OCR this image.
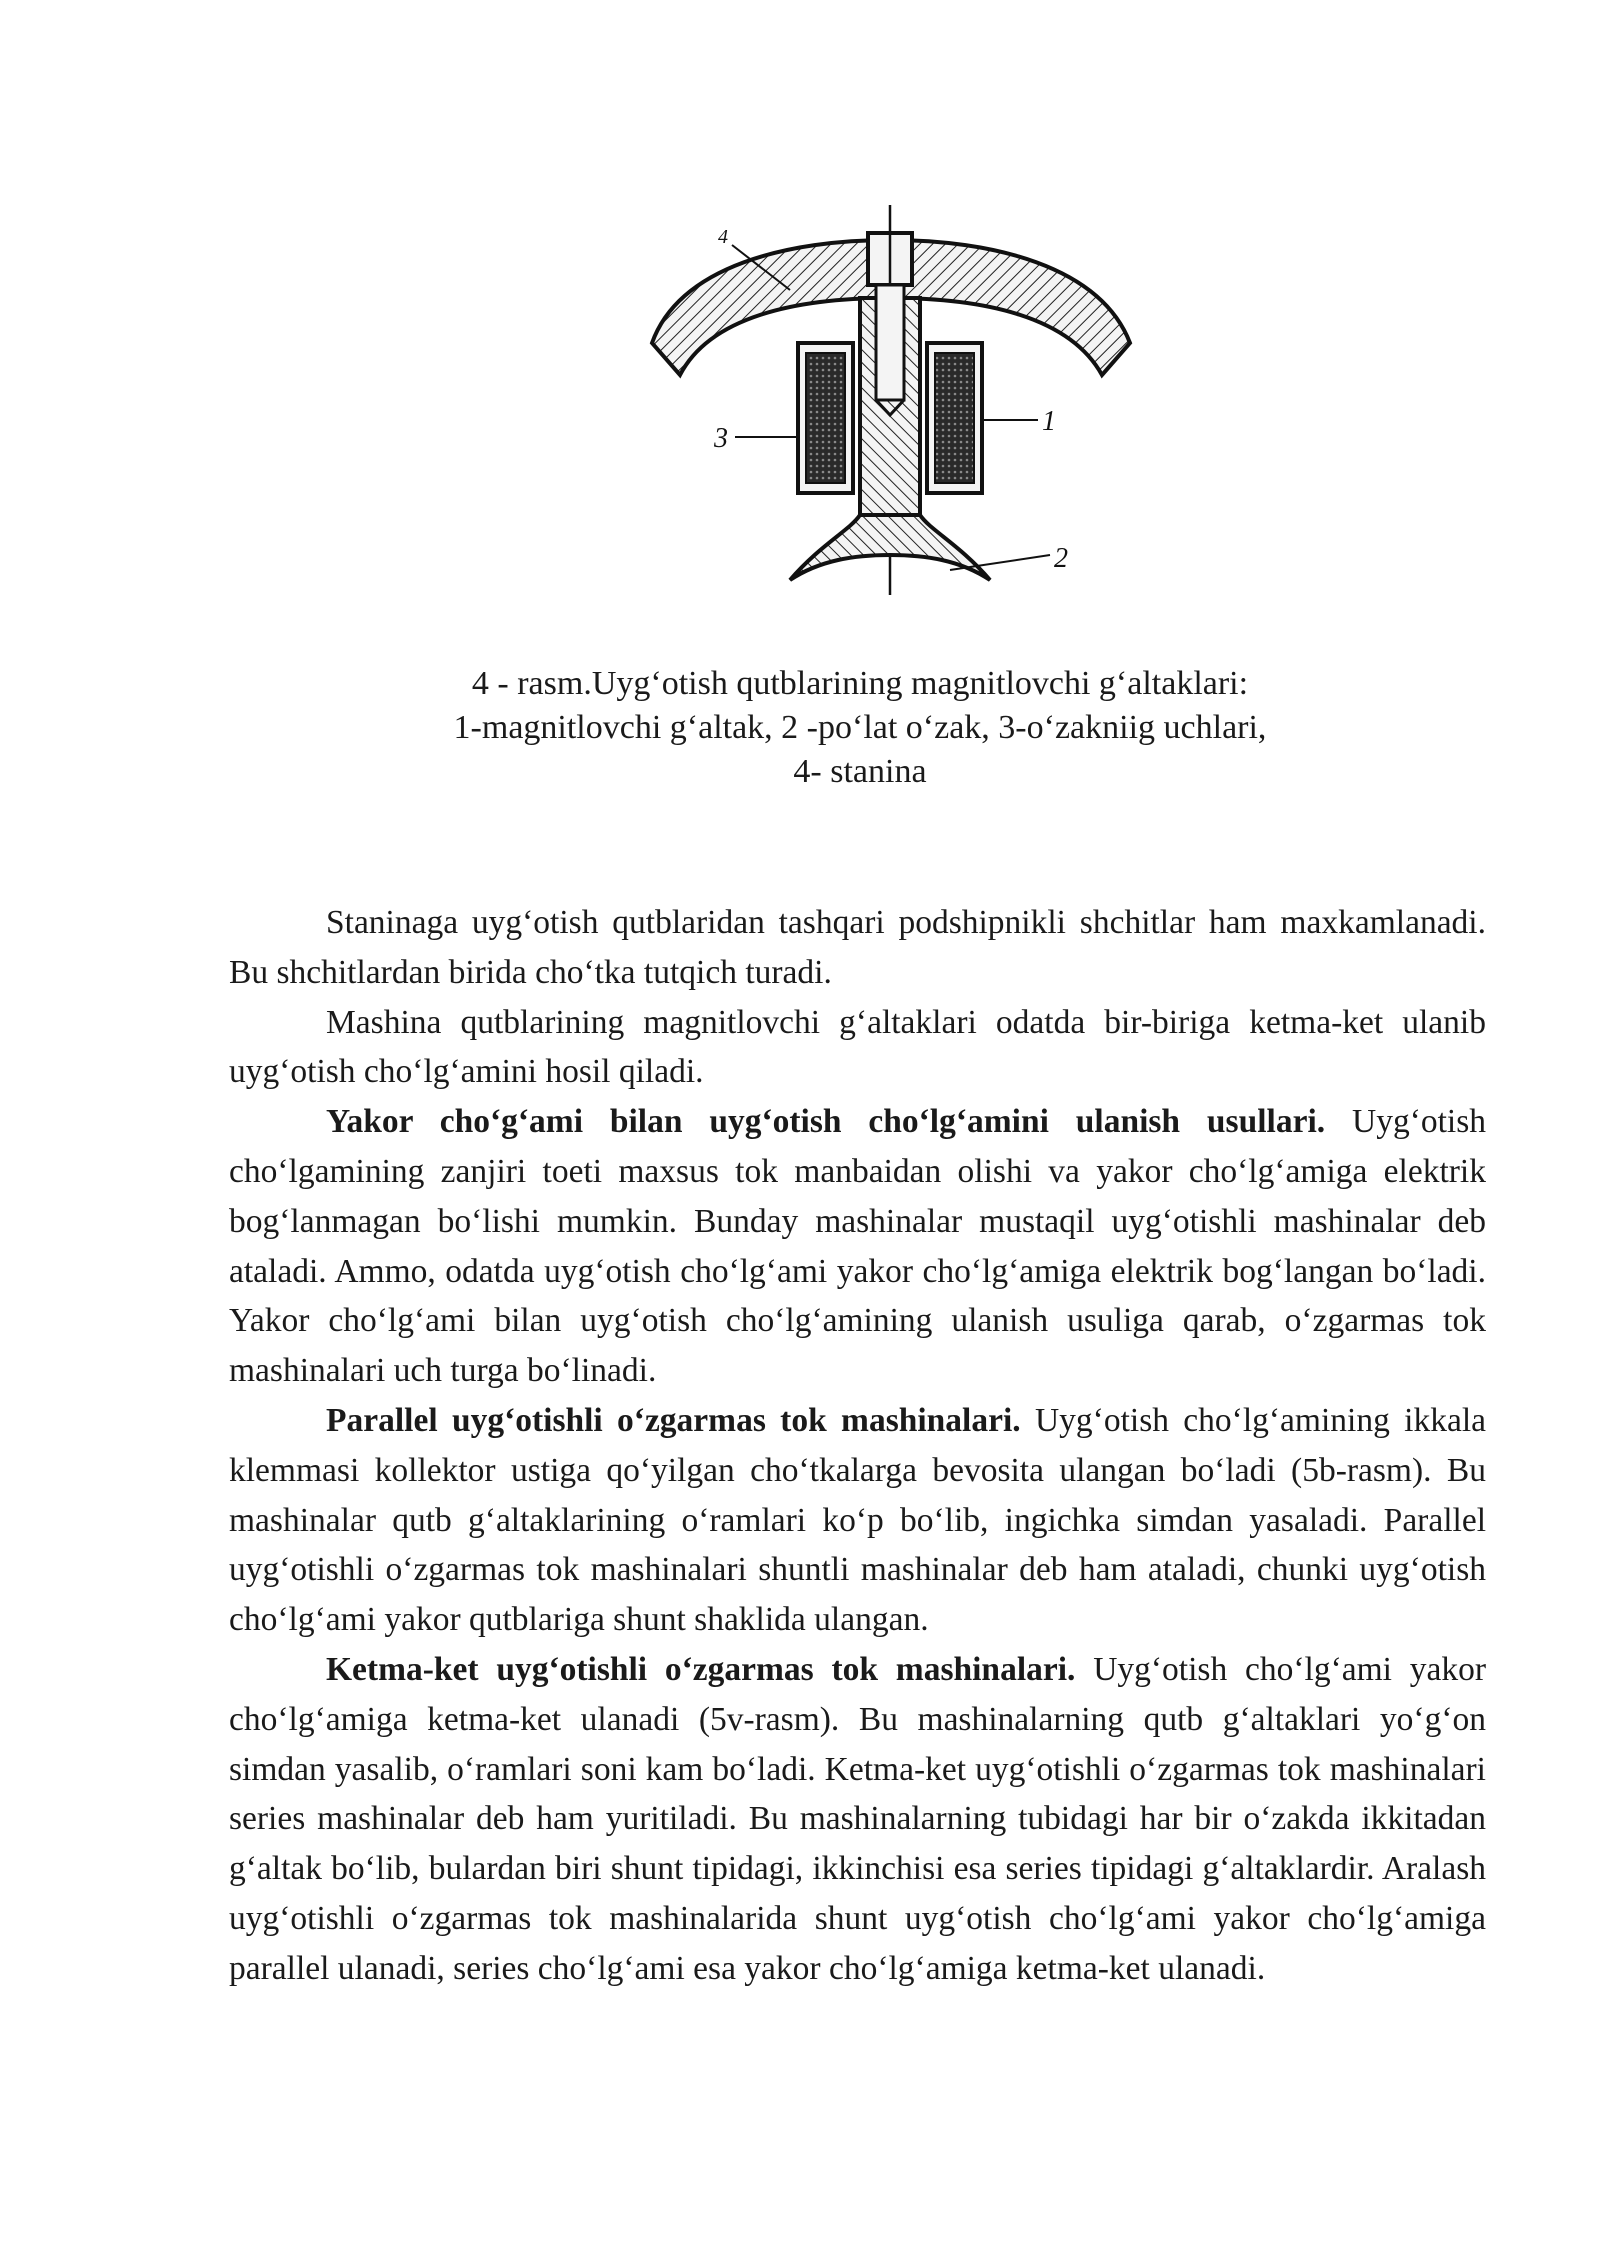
4
3
1
2
4 - rasm.Uyg‘otish qutblarining magnitlovchi g‘altaklari:
1-magnitlovchi g‘altak, 2 -po‘lat o‘zak, 3-o‘zakniig uchlari,
4- stanina

Staninaga uyg‘otish qutblaridan tashqari podshipnikli shchitlar ham maxkamlanadi. Bu shchitlardan birida cho‘tka tutqich turadi.

Mashina qutblarining magnitlovchi g‘altaklari odatda bir-biriga ketma-ket ulanib uyg‘otish cho‘lg‘amini hosil qiladi.

Yakor choʻgʻami bilan uyg‘otish cho‘lg‘amini ulanish usullari. Uyg‘otish cho‘lgamining zanjiri toeti maxsus tok manbaidan olishi va yakor cho‘lg‘amiga elektrik bog‘lanmagan bo‘lishi mumkin. Bunday mashinalar mustaqil uyg‘otishli mashinalar deb ataladi. Ammo, odatda uyg‘otish cho‘lg‘ami yakor cho‘lg‘amiga elektrik bog‘langan bo‘ladi. Yakor cho‘lg‘ami bilan uyg‘otish cho‘lg‘amining ulanish usuliga qarab, o‘zgarmas tok mashinalari uch turga bo‘linadi.

Parallel uyg‘otishli o‘zgarmas tok mashinalari. Uyg‘otish cho‘lg‘amining ikkala klemmasi kollektor ustiga qo‘yilgan cho‘tkalarga bevosita ulangan bo‘ladi (5b-rasm). Bu mashinalar qutb g‘altaklarining o‘ramlari ko‘p bo‘lib, ingichka simdan yasaladi. Parallel uyg‘otishli o‘zgarmas tok mashinalari shuntli mashinalar deb ham ataladi, chunki uyg‘otish cho‘lg‘ami yakor qutblariga shunt shaklida ulangan.

Ketma-ket uyg‘otishli o‘zgarmas tok mashinalari. Uyg‘otish cho‘lg‘ami yakor cho‘lg‘amiga ketma-ket ulanadi (5v-rasm). Bu mashinalarning qutb g‘altaklari yo‘g‘on simdan yasalib, o‘ramlari soni kam bo‘ladi. Ketma-ket uyg‘otishli o‘zgarmas tok mashinalari series mashinalar deb ham yuritiladi. Bu mashinalarning tubidagi har bir o‘zakda ikkitadan g‘altak bo‘lib, bulardan biri shunt tipidagi, ikkinchisi esa series tipidagi g‘altaklardir. Aralash uyg‘otishli o‘zgarmas tok mashinalarida shunt uyg‘otish cho‘lg‘ami yakor cho‘lg‘amiga parallel ulanadi, series cho‘lg‘ami esa yakor cho‘lg‘amiga ketma-ket ulanadi.
